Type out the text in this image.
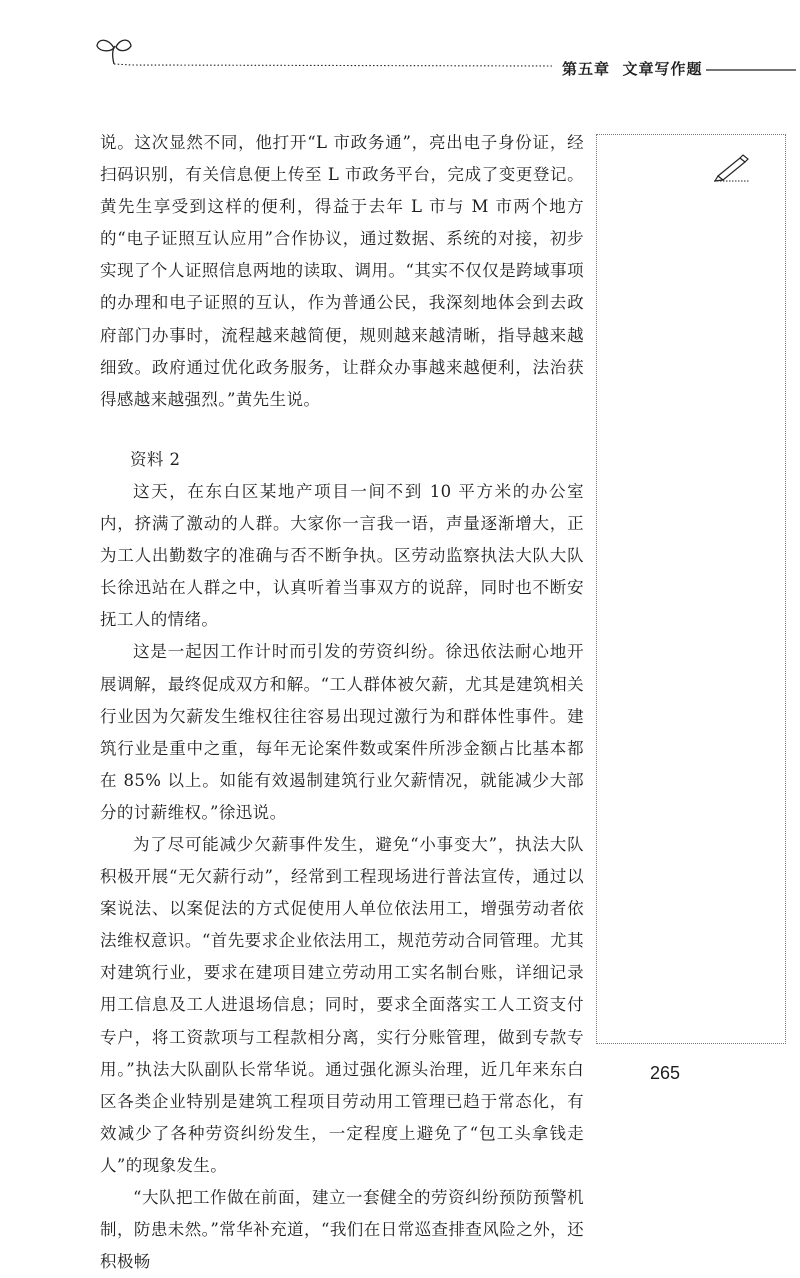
第五章 文章写作题

说。这次显然不同，他打开“L 市政务通”，亮出电子身份证，经扫码识别，有关信息便上传至 L 市政务平台，完成了变更登记。黄先生享受到这样的便利，得益于去年 L 市与 M 市两个地方的“电子证照互认应用”合作协议，通过数据、系统的对接，初步实现了个人证照信息两地的读取、调用。“其实不仅仅是跨域事项的办理和电子证照的互认，作为普通公民，我深刻地体会到去政府部门办事时，流程越来越简便，规则越来越清晰，指导越来越细致。政府通过优化政务服务，让群众办事越来越便利，法治获得感越来越强烈。”黄先生说。

资料 2

这天，在东白区某地产项目一间不到 10 平方米的办公室内，挤满了激动的人群。大家你一言我一语，声量逐渐增大，正为工人出勤数字的准确与否不断争执。区劳动监察执法大队大队长徐迅站在人群之中，认真听着当事双方的说辞，同时也不断安抚工人的情绪。

这是一起因工作计时而引发的劳资纠纷。徐迅依法耐心地开展调解，最终促成双方和解。“工人群体被欠薪，尤其是建筑相关行业因为欠薪发生维权往往容易出现过激行为和群体性事件。建筑行业是重中之重，每年无论案件数或案件所涉金额占比基本都在 85% 以上。如能有效遏制建筑行业欠薪情况，就能减少大部分的讨薪维权。”徐迅说。

为了尽可能减少欠薪事件发生，避免“小事变大”，执法大队积极开展“无欠薪行动”，经常到工程现场进行普法宣传，通过以案说法、以案促法的方式促使用人单位依法用工，增强劳动者依法维权意识。“首先要求企业依法用工，规范劳动合同管理。尤其对建筑行业，要求在建项目建立劳动用工实名制台账，详细记录用工信息及工人进退场信息；同时，要求全面落实工人工资支付专户，将工资款项与工程款相分离，实行分账管理，做到专款专用。”执法大队副队长常华说。通过强化源头治理，近几年来东白区各类企业特别是建筑工程项目劳动用工管理已趋于常态化，有效减少了各种劳资纠纷发生，一定程度上避免了“包工头拿钱走人”的现象发生。

“大队把工作做在前面，建立一套健全的劳资纠纷预防预警机制，防患未然。”常华补充道，“我们在日常巡查排查风险之外，还积极畅

265
